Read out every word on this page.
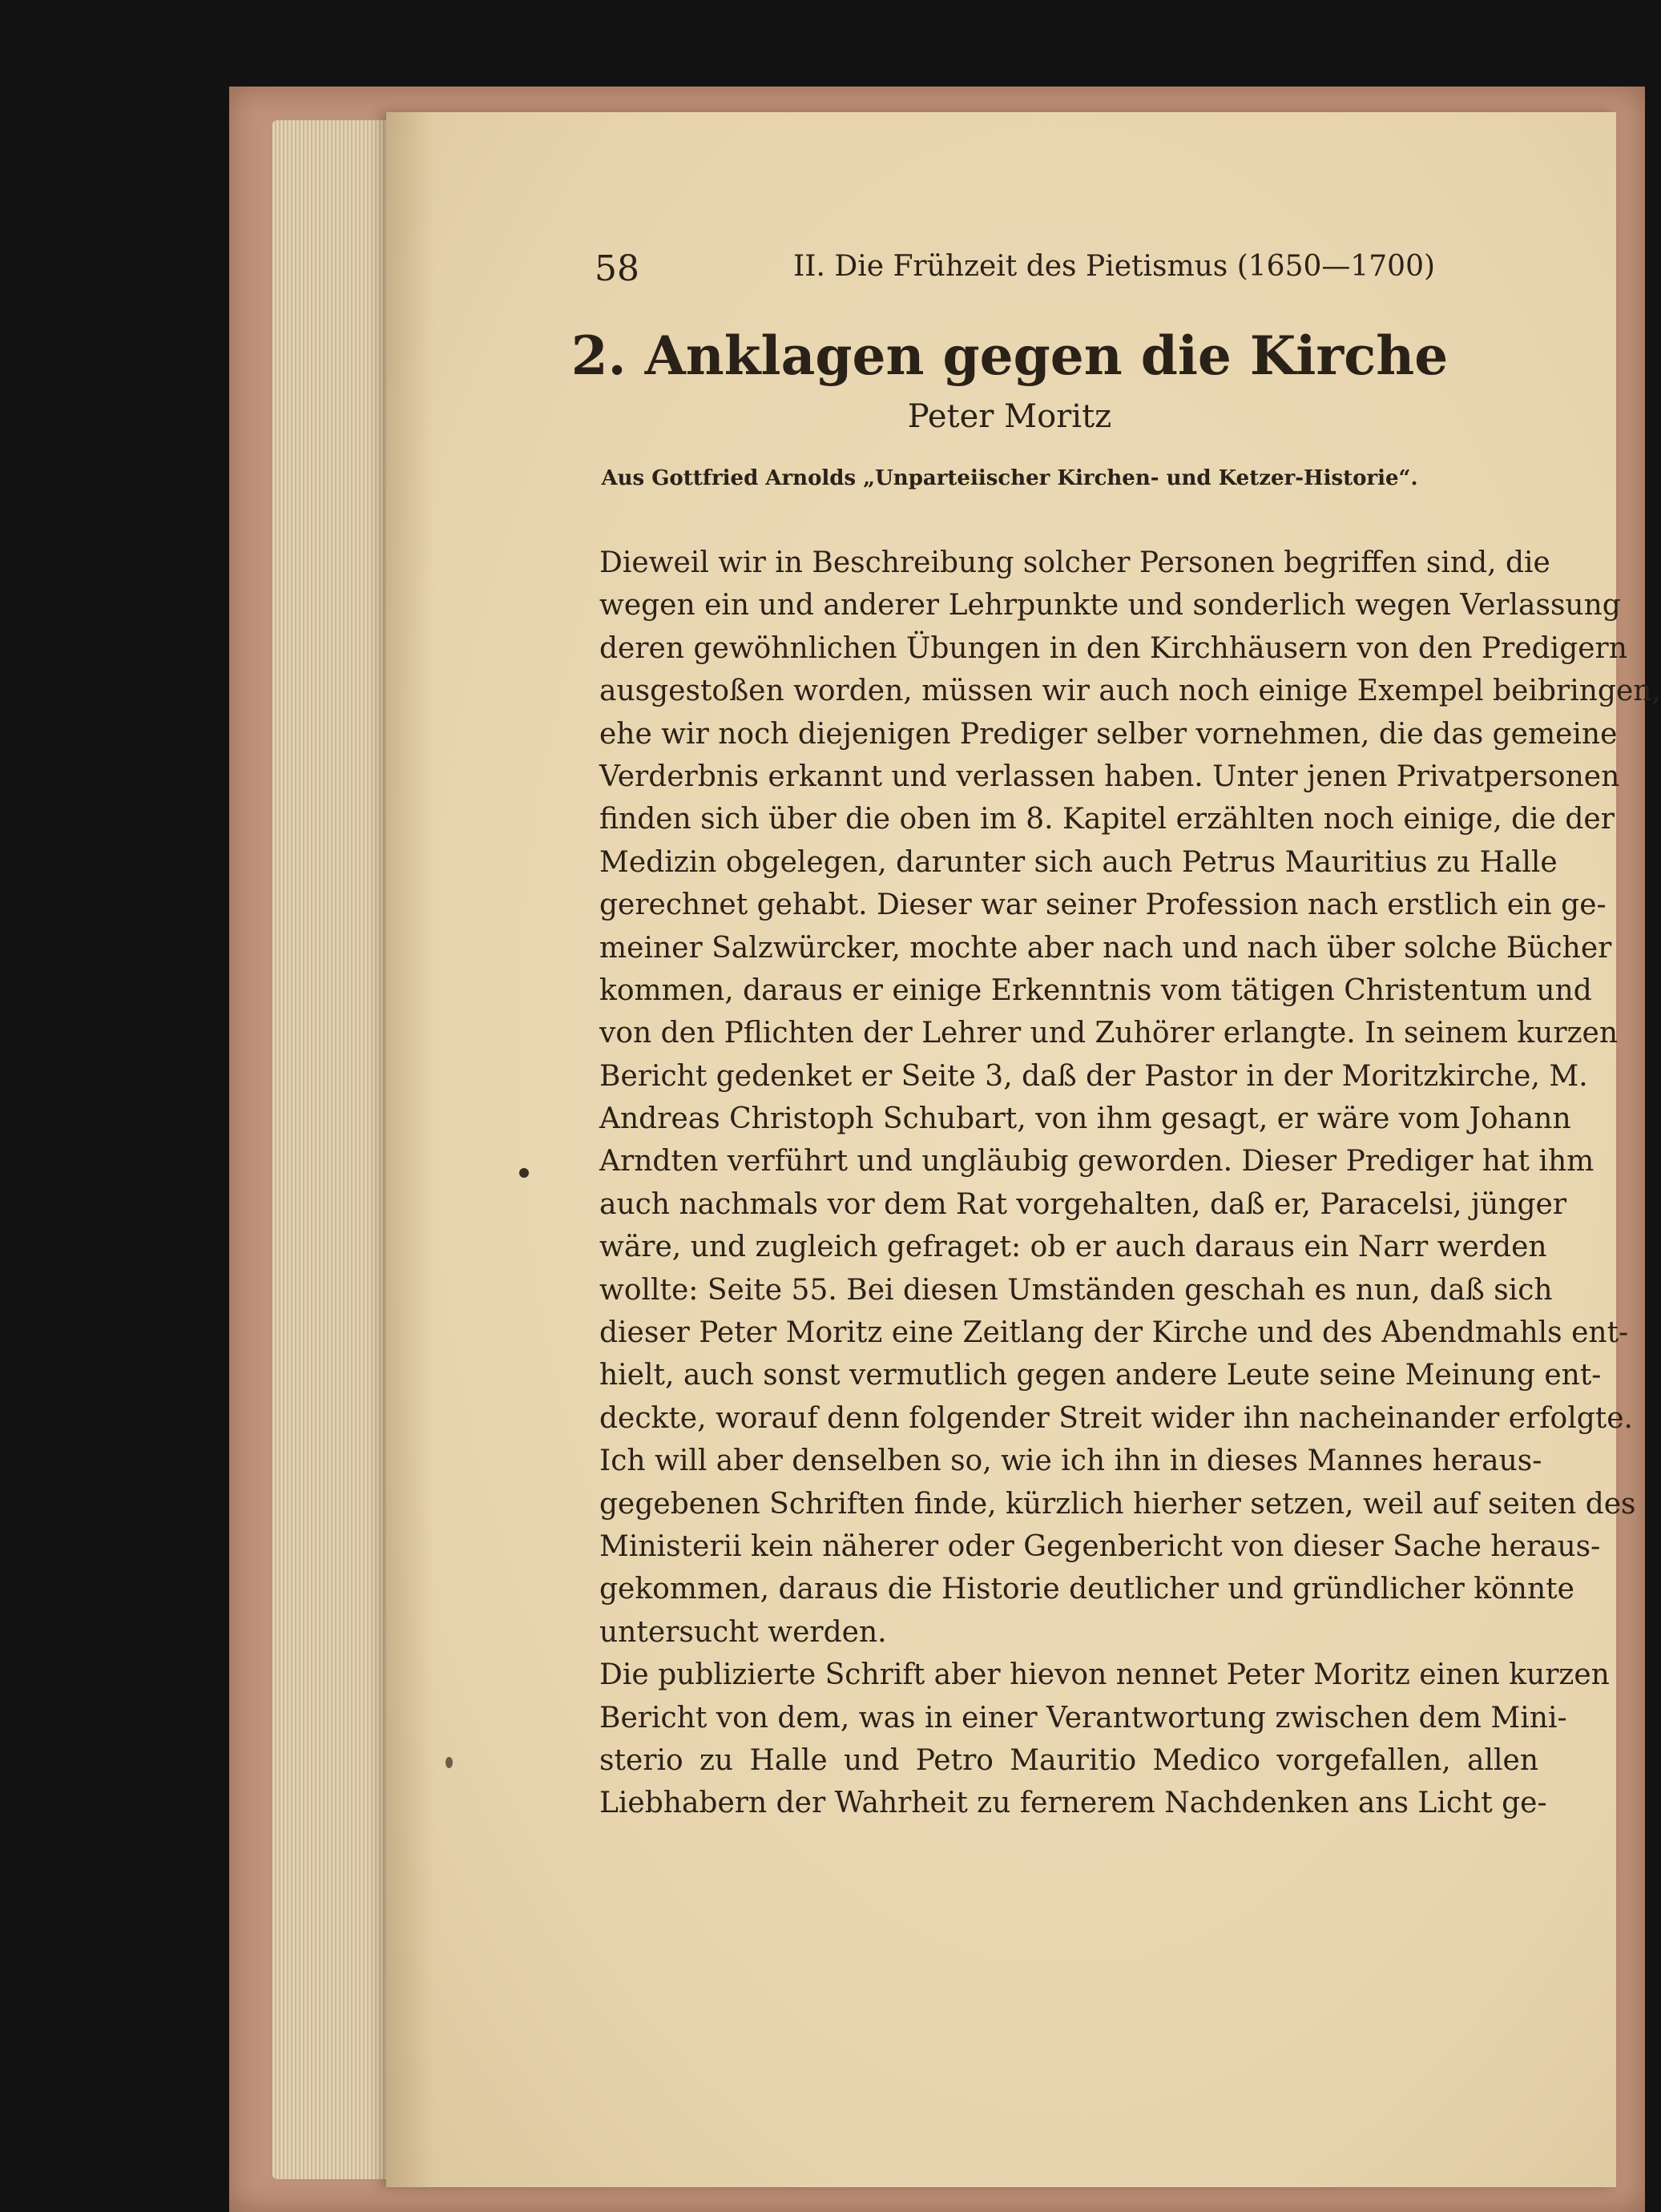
58	II. Die Frühzeit des Pietismus (1650—1700)
2. Anklagen gegen die Kirche
Peter Moritz
Aus Gottfried Arnolds „Unparteiischer Kirchen- und Ketzer-Historie“.
Dieweil wir in Beschreibung solcher Personen begriffen sind, die
wegen ein und anderer Lehrpunkte und sonderlich wegen Verlassung
deren gewöhnlichen Übungen in den Kirchhäusern von den Predigern
ausgestoßen worden, müssen wir auch noch einige Exempel beibringen,
ehe wir noch diejenigen Prediger selber vornehmen, die das gemeine
Verderbnis erkannt und verlassen haben. Unter jenen Privatpersonen
finden sich über die oben im 8. Kapitel erzählten noch einige, die der
Medizin obgelegen, darunter sich auch Petrus Mauritius zu Halle
gerechnet gehabt. Dieser war seiner Profession nach erstlich ein ge-
meiner Salzwürcker, mochte aber nach und nach über solche Bücher
kommen, daraus er einige Erkenntnis vom tätigen Christentum und
von den Pflichten der Lehrer und Zuhörer erlangte. In seinem kurzen
Bericht gedenket er Seite 3, daß der Pastor in der Moritzkirche, M.
Andreas Christoph Schubart, von ihm gesagt, er wäre vom Johann
Arndten verführt und ungläubig geworden. Dieser Prediger hat ihm
auch nachmals vor dem Rat vorgehalten, daß er, Paracelsi, jünger
wäre, und zugleich gefraget: ob er auch daraus ein Narr werden
wollte: Seite 55. Bei diesen Umständen geschah es nun, daß sich
dieser Peter Moritz eine Zeitlang der Kirche und des Abendmahls ent-
hielt, auch sonst vermutlich gegen andere Leute seine Meinung ent-
deckte, worauf denn folgender Streit wider ihn nacheinander erfolgte.
Ich will aber denselben so, wie ich ihn in dieses Mannes heraus-
gegebenen Schriften finde, kürzlich hierher setzen, weil auf seiten des
Ministerii kein näherer oder Gegenbericht von dieser Sache heraus-
gekommen, daraus die Historie deutlicher und gründlicher könnte
untersucht werden.
Die publizierte Schrift aber hievon nennet Peter Moritz einen kurzen
Bericht von dem, was in einer Verantwortung zwischen dem Mini-
sterio zu Halle und Petro Mauritio Medico vorgefallen, allen
Liebhabern der Wahrheit zu fernerem Nachdenken ans Licht ge-
